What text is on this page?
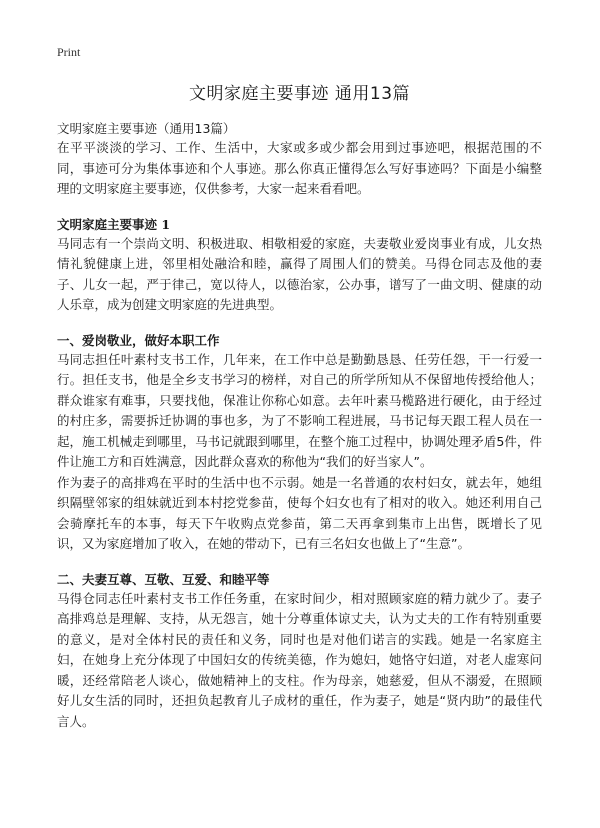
Print
文明家庭主要事迹 通用13篇
文明家庭主要事迹（通用13篇）

在平平淡淡的学习、工作、生活中，大家或多或少都会用到过事迹吧，根据范围的不同，事迹可分为集体事迹和个人事迹。那么你真正懂得怎么写好事迹吗？下面是小编整理的文明家庭主要事迹，仅供参考，大家一起来看看吧。

文明家庭主要事迹 1

马同志有一个崇尚文明、积极进取、相敬相爱的家庭，夫妻敬业爱岗事业有成，儿女热情礼貌健康上进，邻里相处融洽和睦，赢得了周围人们的赞美。马得仓同志及他的妻子、儿女一起，严于律己，宽以待人，以德治家，公办事，谱写了一曲文明、健康的动人乐章，成为创建文明家庭的先进典型。

一、爱岗敬业，做好本职工作

马同志担任叶素村支书工作，几年来，在工作中总是勤勤恳恳、任劳任怨，干一行爱一行。担任支书，他是全乡支书学习的榜样，对自己的所学所知从不保留地传授给他人；群众谁家有难事，只要找他，保准让你称心如意。去年叶素马榄路进行硬化，由于经过的村庄多，需要拆迁协调的事也多，为了不影响工程进展，马书记每天跟工程人员在一起，施工机械走到哪里，马书记就跟到哪里，在整个施工过程中，协调处理矛盾5件，件件让施工方和百姓满意，因此群众喜欢的称他为“我们的好当家人”。

作为妻子的高排鸡在平时的生活中也不示弱。她是一名普通的农村妇女，就去年，她组织隔壁邻家的组妹就近到本村挖党参苗，使每个妇女也有了相对的收入。她还利用自己会骑摩托车的本事，每天下午收购点党参苗，第二天再拿到集市上出售，既增长了见识，又为家庭增加了收入，在她的带动下，已有三名妇女也做上了“生意”。

二、夫妻互尊、互敬、互爱、和睦平等

马得仓同志任叶素村支书工作任务重，在家时间少，相对照顾家庭的精力就少了。妻子高排鸡总是理解、支持，从无怨言，她十分尊重体谅丈夫，认为丈夫的工作有特别重要的意义，是对全体村民的责任和义务，同时也是对他们诺言的实践。她是一名家庭主妇，在她身上充分体现了中国妇女的传统美德，作为媳妇，她恪守妇道，对老人虚寒问暖，还经常陪老人谈心，做她精神上的支柱。作为母亲，她慈爱，但从不溺爱，在照顾好儿女生活的同时，还担负起教育儿子成材的重任，作为妻子，她是“贤内助”的最佳代言人。
